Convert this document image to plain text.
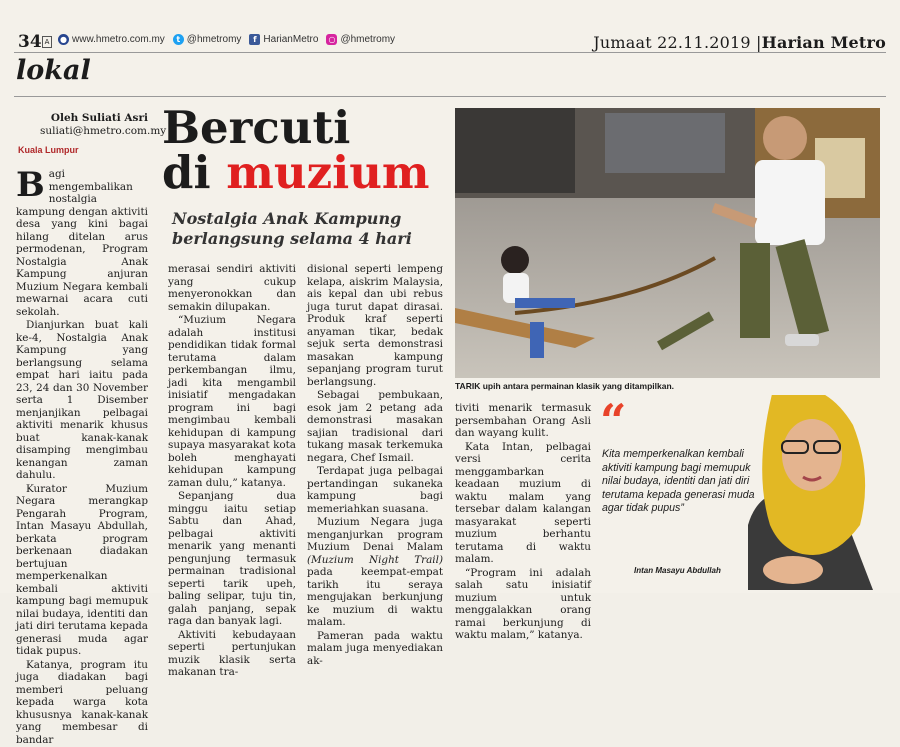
34 A	● www.hmetro.com.my	t @hmetromy	f HarianMetro ○ @hmetromy	Jumaat 22.11.2019 |Harian Metro
lokal
Oleh Suliati Asri
suliati@hmetro.com.my
Kuala Lumpur Bercuti
di muzium
Nostalgia Anak Kampung berlangsung selama 4 hari

Bagi mengembalikan nostalgia kampung dengan aktiviti desa yang kini bagai hilang ditelan arus permodenan, Program Nostalgia Anak Kampung anjuran Muzium Negara kembali mewarnai acara cuti sekolah.

Dianjurkan buat kali ke-4, Nostalgia Anak Kampung yang berlangsung selama empat hari iaitu pada 23, 24 dan 30 November serta 1 Disember menjanjikan pelbagai aktiviti menarik khusus buat kanak-kanak disamping mengimbau kenangan zaman dahulu.

Kurator Muzium Negara merangkap Pengarah Program, Intan Masayu Abdullah, berkata program berkenaan diadakan bertujuan memperkenalkan kembali aktiviti kampung bagi memupuk nilai budaya, identiti dan jati diri terutama kepada generasi muda agar tidak pupus.

Katanya, program itu juga diadakan bagi memberi peluang kepada warga kota khususnya kanak-kanak yang membesar di bandar

merasai sendiri aktiviti yang cukup menyeronokkan dan semakin dilupakan.

“Muzium Negara adalah institusi pendidikan tidak formal terutama dalam perkembangan ilmu, jadi kita mengambil inisiatif mengadakan program ini bagi mengimbau kembali kehidupan di kampung supaya masyarakat kota boleh menghayati kehidupan kampung zaman dulu,” katanya.

Sepanjang dua minggu iaitu setiap Sabtu dan Ahad, pelbagai aktiviti menarik yang menanti pengunjung termasuk permainan tradisional seperti tarik upeh, baling selipar, tuju tin, galah panjang, sepak raga dan banyak lagi.

Aktiviti kebudayaan seperti pertunjukan muzik klasik serta makanan tra-

disional seperti lempeng kelapa, aiskrim Malaysia, ais kepal dan ubi rebus juga turut dapat dirasai. Produk kraf seperti anyaman tikar, bedak sejuk serta demonstrasi masakan kampung sepanjang program turut berlangsung.

Sebagai pembukaan, esok jam 2 petang ada demonstrasi masakan sajian tradisional dari tukang masak terkemuka negara, Chef Ismail.

Terdapat juga pelbagai pertandingan sukaneka kampung bagi memeriahkan suasana.

Muzium Negara juga menganjurkan program Muzium Denai Malam (Muzium Night Trail) pada keempat-empat tarikh itu seraya mengujakan berkunjung ke muzium di waktu malam.

Pameran pada waktu malam juga menyediakan ak-

TARIK upih antara permainan klasik yang ditampilkan.

tiviti menarik termasuk persembahan Orang Asli dan wayang kulit.

Kata Intan, pelbagai versi cerita menggambarkan keadaan muzium di waktu malam yang tersebar dalam kalangan masyarakat seperti muzium berhantu terutama di waktu malam.

“Program ini adalah salah satu inisiatif muzium untuk menggalakkan orang ramai berkunjung di waktu malam,” katanya.

“
Kita memperkenalkan kembali aktiviti kampung bagi memupuk nilai budaya, identiti dan jati diri terutama kepada generasi muda agar tidak pupus”
Intan Masayu Abdullah
